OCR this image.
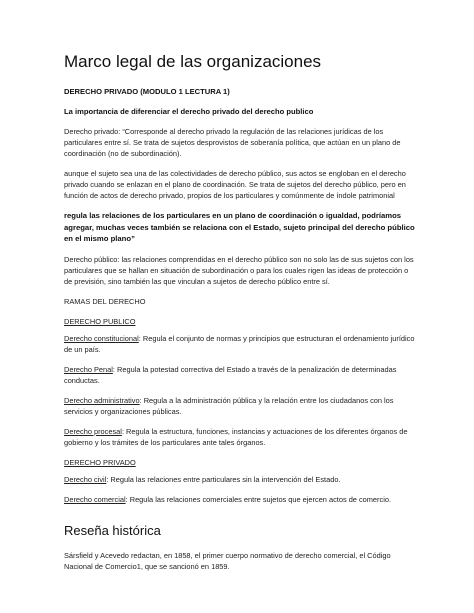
Marco legal de las organizaciones

DERECHO PRIVADO (MODULO 1 LECTURA 1)

La importancia de diferenciar el derecho privado del derecho publico

Derecho privado: “Corresponde al derecho privado la regulación de las relaciones jurídicas de los particulares entre sí. Se trata de sujetos desprovistos de soberanía política, que actúan en un plano de coordinación (no de subordinación).

aunque el sujeto sea una de las colectividades de derecho público, sus actos se engloban en el derecho privado cuando se enlazan en el plano de coordinación. Se trata de sujetos del derecho público, pero en función de actos de derecho privado, propios de los particulares y comúnmente de índole patrimonial

regula las relaciones de los particulares en un plano de coordinación o igualdad, podríamos agregar, muchas veces también se relaciona con el Estado, sujeto principal del derecho público en el mismo plano”

Derecho público: las relaciones comprendidas en el derecho público son no solo las de sus sujetos con los particulares que se hallan en situación de subordinación o para los cuales rigen las ideas de protección o de previsión, sino también las que vinculan a sujetos de derecho público entre sí.

RAMAS DEL DERECHO

DERECHO PUBLICO

Derecho constitucional: Regula el conjunto de normas y principios que estructuran el ordenamiento jurídico de un país.

Derecho Penal: Regula la potestad correctiva del Estado a través de la penalización de determinadas conductas.

Derecho administrativo: Regula a la administración pública y la relación entre los ciudadanos con los servicios y organizaciones públicas.

Derecho procesal: Regula la estructura, funciones, instancias y actuaciones de los diferentes órganos de gobierno y los trámites de los particulares ante tales órganos.

DERECHO PRIVADO

Derecho civil: Regula las relaciones entre particulares sin la intervención del Estado.

Derecho comercial: Regula las relaciones comerciales entre sujetos que ejercen actos de comercio.

Reseña histórica

Sársfield y Acevedo redactan, en 1858, el primer cuerpo normativo de derecho comercial, el Código Nacional de Comercio1, que se sancionó en 1859.
